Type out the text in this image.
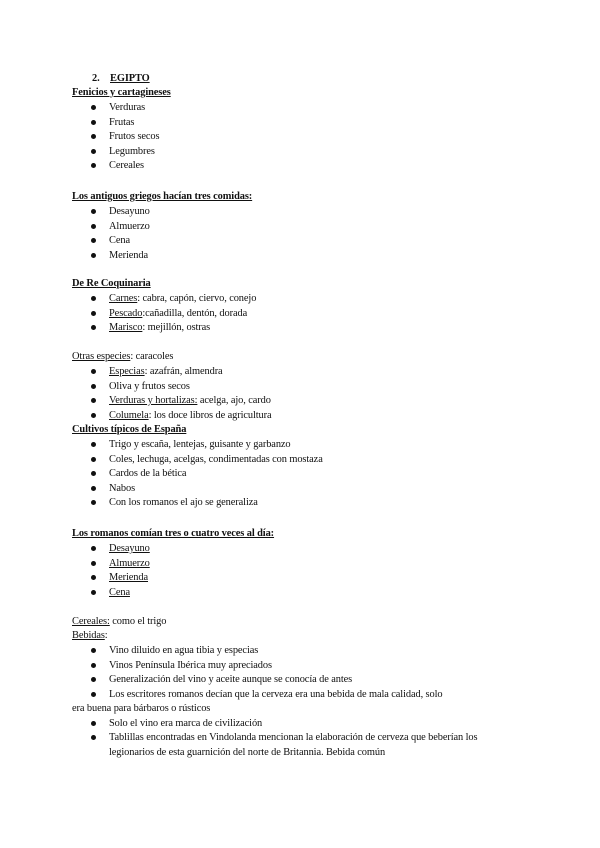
2. EGIPTO
Fenicios y cartagineses
Verduras
Frutas
Frutos secos
Legumbres
Cereales
Los antiguos griegos hacían tres comidas:
Desayuno
Almuerzo
Cena
Merienda
De Re Coquinaria
Carnes: cabra, capón, ciervo, conejo
Pescado:cañadilla, dentón, dorada
Marisco: mejillón, ostras
Otras especies: caracoles
Especias: azafrán, almendra
Oliva y frutos secos
Verduras y hortalizas: acelga, ajo, cardo
Columela: los doce libros de agricultura
Cultivos típicos de España
Trigo y escaña, lentejas, guisante y garbanzo
Coles, lechuga, acelgas, condimentadas con mostaza
Cardos de la bética
Nabos
Con los romanos el ajo se generaliza
Los romanos comían tres o cuatro veces al día:
Desayuno
Almuerzo
Merienda
Cena
Cereales: como el trigo
Bebidas:
Vino diluido en agua tibia y especias
Vinos Península Ibérica muy apreciados
Generalización del vino y aceite aunque se conocía de antes
Los escritores romanos decían que la cerveza era una bebida de mala calidad, solo
era buena para bárbaros o rústicos
Solo el vino era marca de civilización
Tablillas encontradas en Vindolanda mencionan la elaboración de cerveza que beberían los
legionarios de esta guarnición del norte de Britannia. Bebida común
